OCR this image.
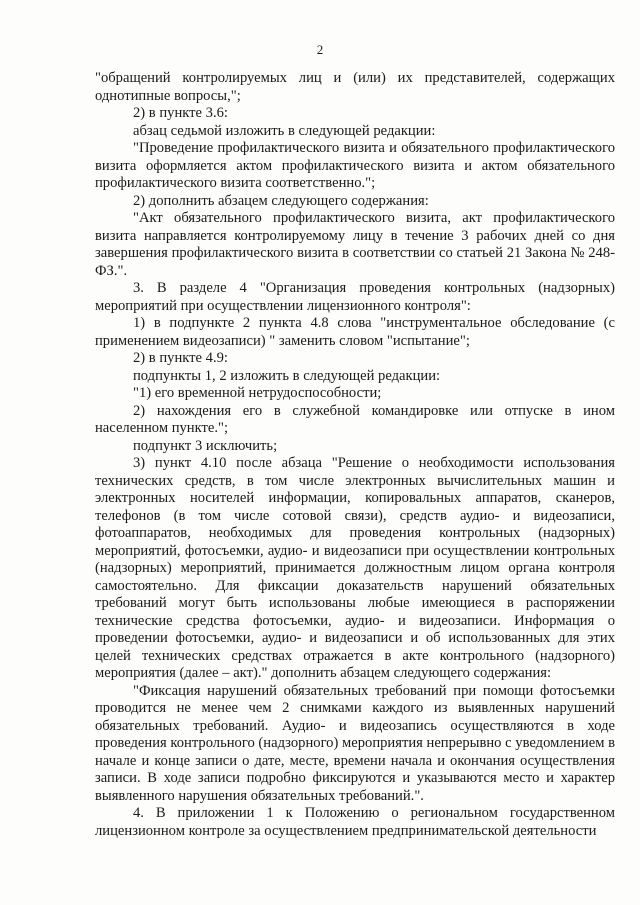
2

"обращений контролируемых лиц и (или) их представителей, содержащих однотипные вопросы,";

2) в пункте 3.6:

абзац седьмой изложить в следующей редакции:

"Проведение профилактического визита и обязательного профилактического визита оформляется актом профилактического визита и актом обязательного профилактического визита соответственно.";

2) дополнить абзацем следующего содержания:

"Акт обязательного профилактического визита, акт профилактического визита направляется контролируемому лицу в течение 3 рабочих дней со дня завершения профилактического визита в соответствии со статьей 21 Закона № 248-ФЗ.".

3. В разделе 4 "Организация проведения контрольных (надзорных) мероприятий при осуществлении лицензионного контроля":

1) в подпункте 2 пункта 4.8 слова "инструментальное обследование (с применением видеозаписи) " заменить словом "испытание";

2) в пункте 4.9:

подпункты 1, 2 изложить в следующей редакции:

"1) его временной нетрудоспособности;

2) нахождения его в служебной командировке или отпуске в ином населенном пункте.";

подпункт 3 исключить;

3) пункт 4.10 после абзаца "Решение о необходимости использования технических средств, в том числе электронных вычислительных машин и электронных носителей информации, копировальных аппаратов, сканеров, телефонов (в том числе сотовой связи), средств аудио- и видеозаписи, фотоаппаратов, необходимых для проведения контрольных (надзорных) мероприятий, фотосъемки, аудио- и видеозаписи при осуществлении контрольных (надзорных) мероприятий, принимается должностным лицом органа контроля самостоятельно. Для фиксации доказательств нарушений обязательных требований могут быть использованы любые имеющиеся в распоряжении технические средства фотосъемки, аудио- и видеозаписи. Информация о проведении фотосъемки, аудио- и видеозаписи и об использованных для этих целей технических средствах отражается в акте контрольного (надзорного) мероприятия (далее – акт)." дополнить абзацем следующего содержания:

"Фиксация нарушений обязательных требований при помощи фотосъемки проводится не менее чем 2 снимками каждого из выявленных нарушений обязательных требований. Аудио- и видеозапись осуществляются в ходе проведения контрольного (надзорного) мероприятия непрерывно с уведомлением в начале и конце записи о дате, месте, времени начала и окончания осуществления записи. В ходе записи подробно фиксируются и указываются место и характер выявленного нарушения обязательных требований.".

4. В приложении 1 к Положению о региональном государственном лицензионном контроле за осуществлением предпринимательской деятельности
